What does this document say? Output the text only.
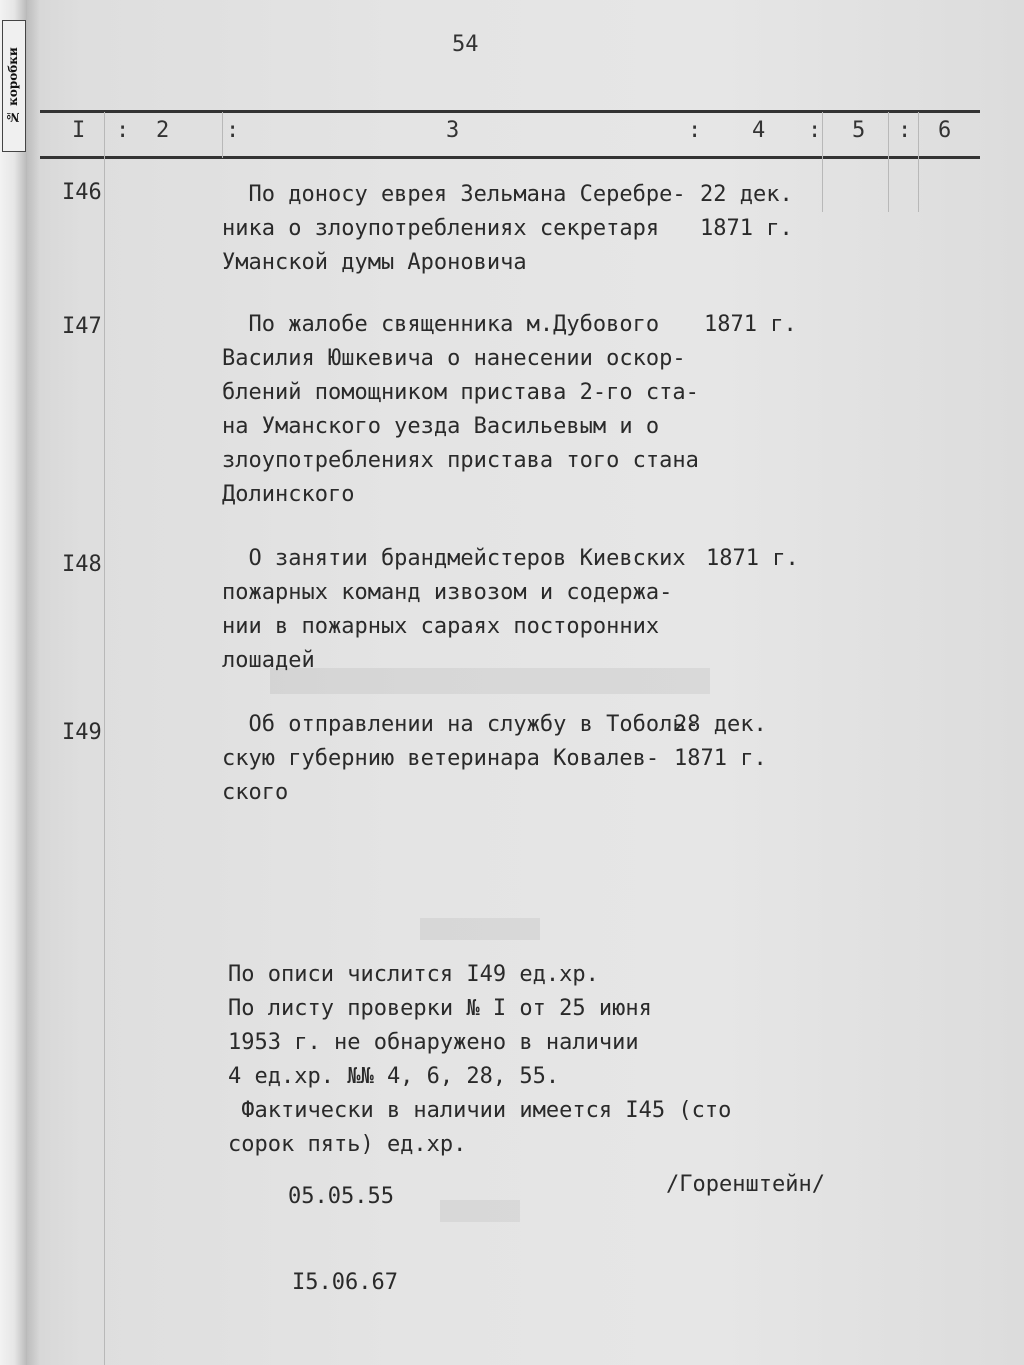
№ коробки
54
I : 2	:	3	: 4 : 5 : 6
I46	По доносу еврея Зельмана Серебре-
ника о злоупотреблениях секретаря
Уманской думы Ароновича
22 дек.
1871 г.
I47	По жалобе священника м.Дубового
Василия Юшкевича о нанесении оскор-
блений помощником пристава 2-го ста-
на Уманского уезда Васильевым и о
злоупотреблениях пристава того стана
Долинского
1871 г.
I48	О занятии брандмейстеров Киевских
пожарных команд извозом и содержа-
нии в пожарных сараях посторонних
лошадей
1871 г.
I49	Об отправлении на службу в Тоболь-
скую губернию ветеринара Ковалев-
ского
28 дек.
1871 г.
По описи числится I49 ед.хр.
По листу проверки № I от 25 июня
1953 г. не обнаружено в наличии
4 ед.хр. №№ 4, 6, 28, 55.
Фактически в наличии имеется I45 (сто
сорок пять) ед.хр.
05.05.55	/Горенштейн/
I5.06.67
